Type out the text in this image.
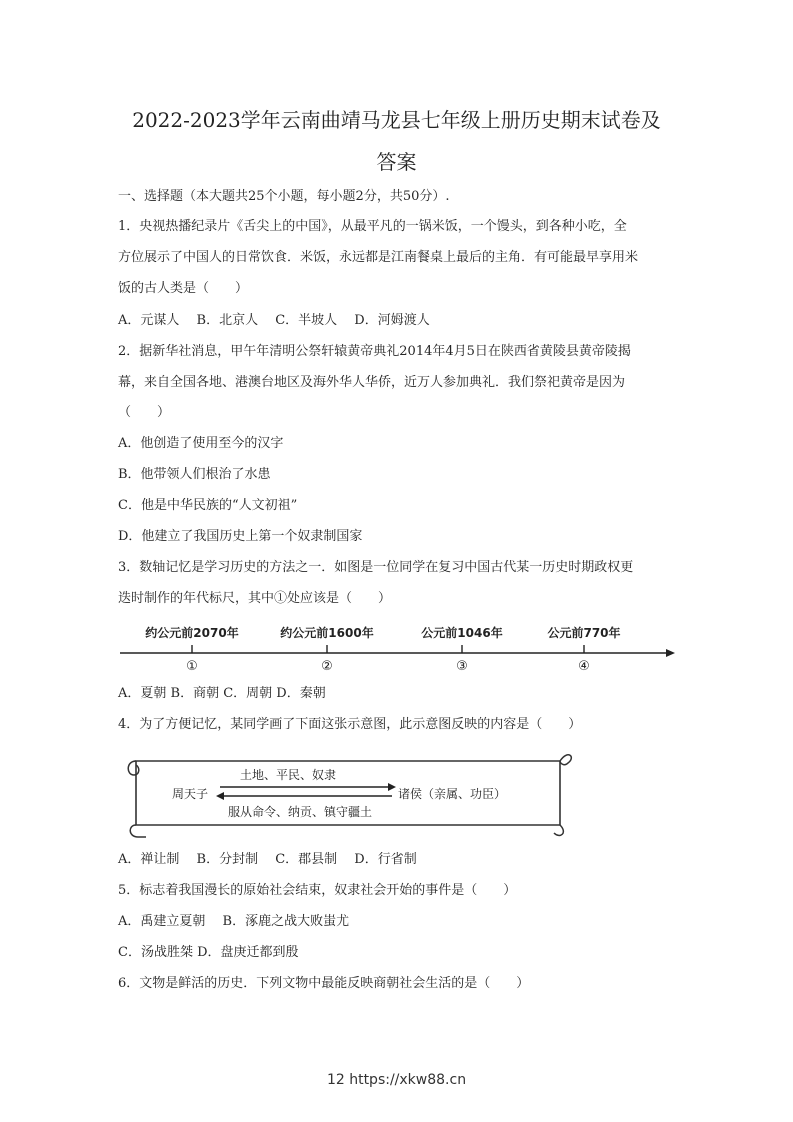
2022-2023学年云南曲靖马龙县七年级上册历史期末试卷及
答案
一、选择题（本大题共25个小题，每小题2分，共50分）.
1．央视热播纪录片《舌尖上的中国》，从最平凡的一锅米饭，一个馒头，到各种小吃，全
方位展示了中国人的日常饮食．米饭，永远都是江南餐桌上最后的主角．有可能最早享用米
饭的古人类是（　　）
A．元谋人　 B．北京人　 C．半坡人　 D．河姆渡人
2．据新华社消息，甲午年清明公祭轩辕黄帝典礼2014年4月5日在陕西省黄陵县黄帝陵揭
幕，来自全国各地、港澳台地区及海外华人华侨，近万人参加典礼．我们祭祀黄帝是因为
（　　）
A．他创造了使用至今的汉字
B．他带领人们根治了水患
C．他是中华民族的“人文初祖”
D．他建立了我国历史上第一个奴隶制国家
3．数轴记忆是学习历史的方法之一．如图是一位同学在复习中国古代某一历史时期政权更
迭时制作的年代标尺，其中①处应该是（　　）
约公元前2070年	约公元前1600年	公元前1046年	公元前770年
①	②	③	④
A．夏朝 B．商朝 C．周朝 D．秦朝
4．为了方便记忆，某同学画了下面这张示意图，此示意图反映的内容是（　　）
周天子	诸侯（亲属、功臣）
土地、平民、奴隶
服从命令、纳贡、镇守疆土
A．禅让制　 B．分封制　 C．郡县制　 D．行省制
5．标志着我国漫长的原始社会结束，奴隶社会开始的事件是（　　）
A．禹建立夏朝　 B．涿鹿之战大败蚩尤
C．汤战胜桀 D．盘庚迁都到殷
6．文物是鲜活的历史．下列文物中最能反映商朝社会生活的是（　　）
12 https://xkw88.cn
